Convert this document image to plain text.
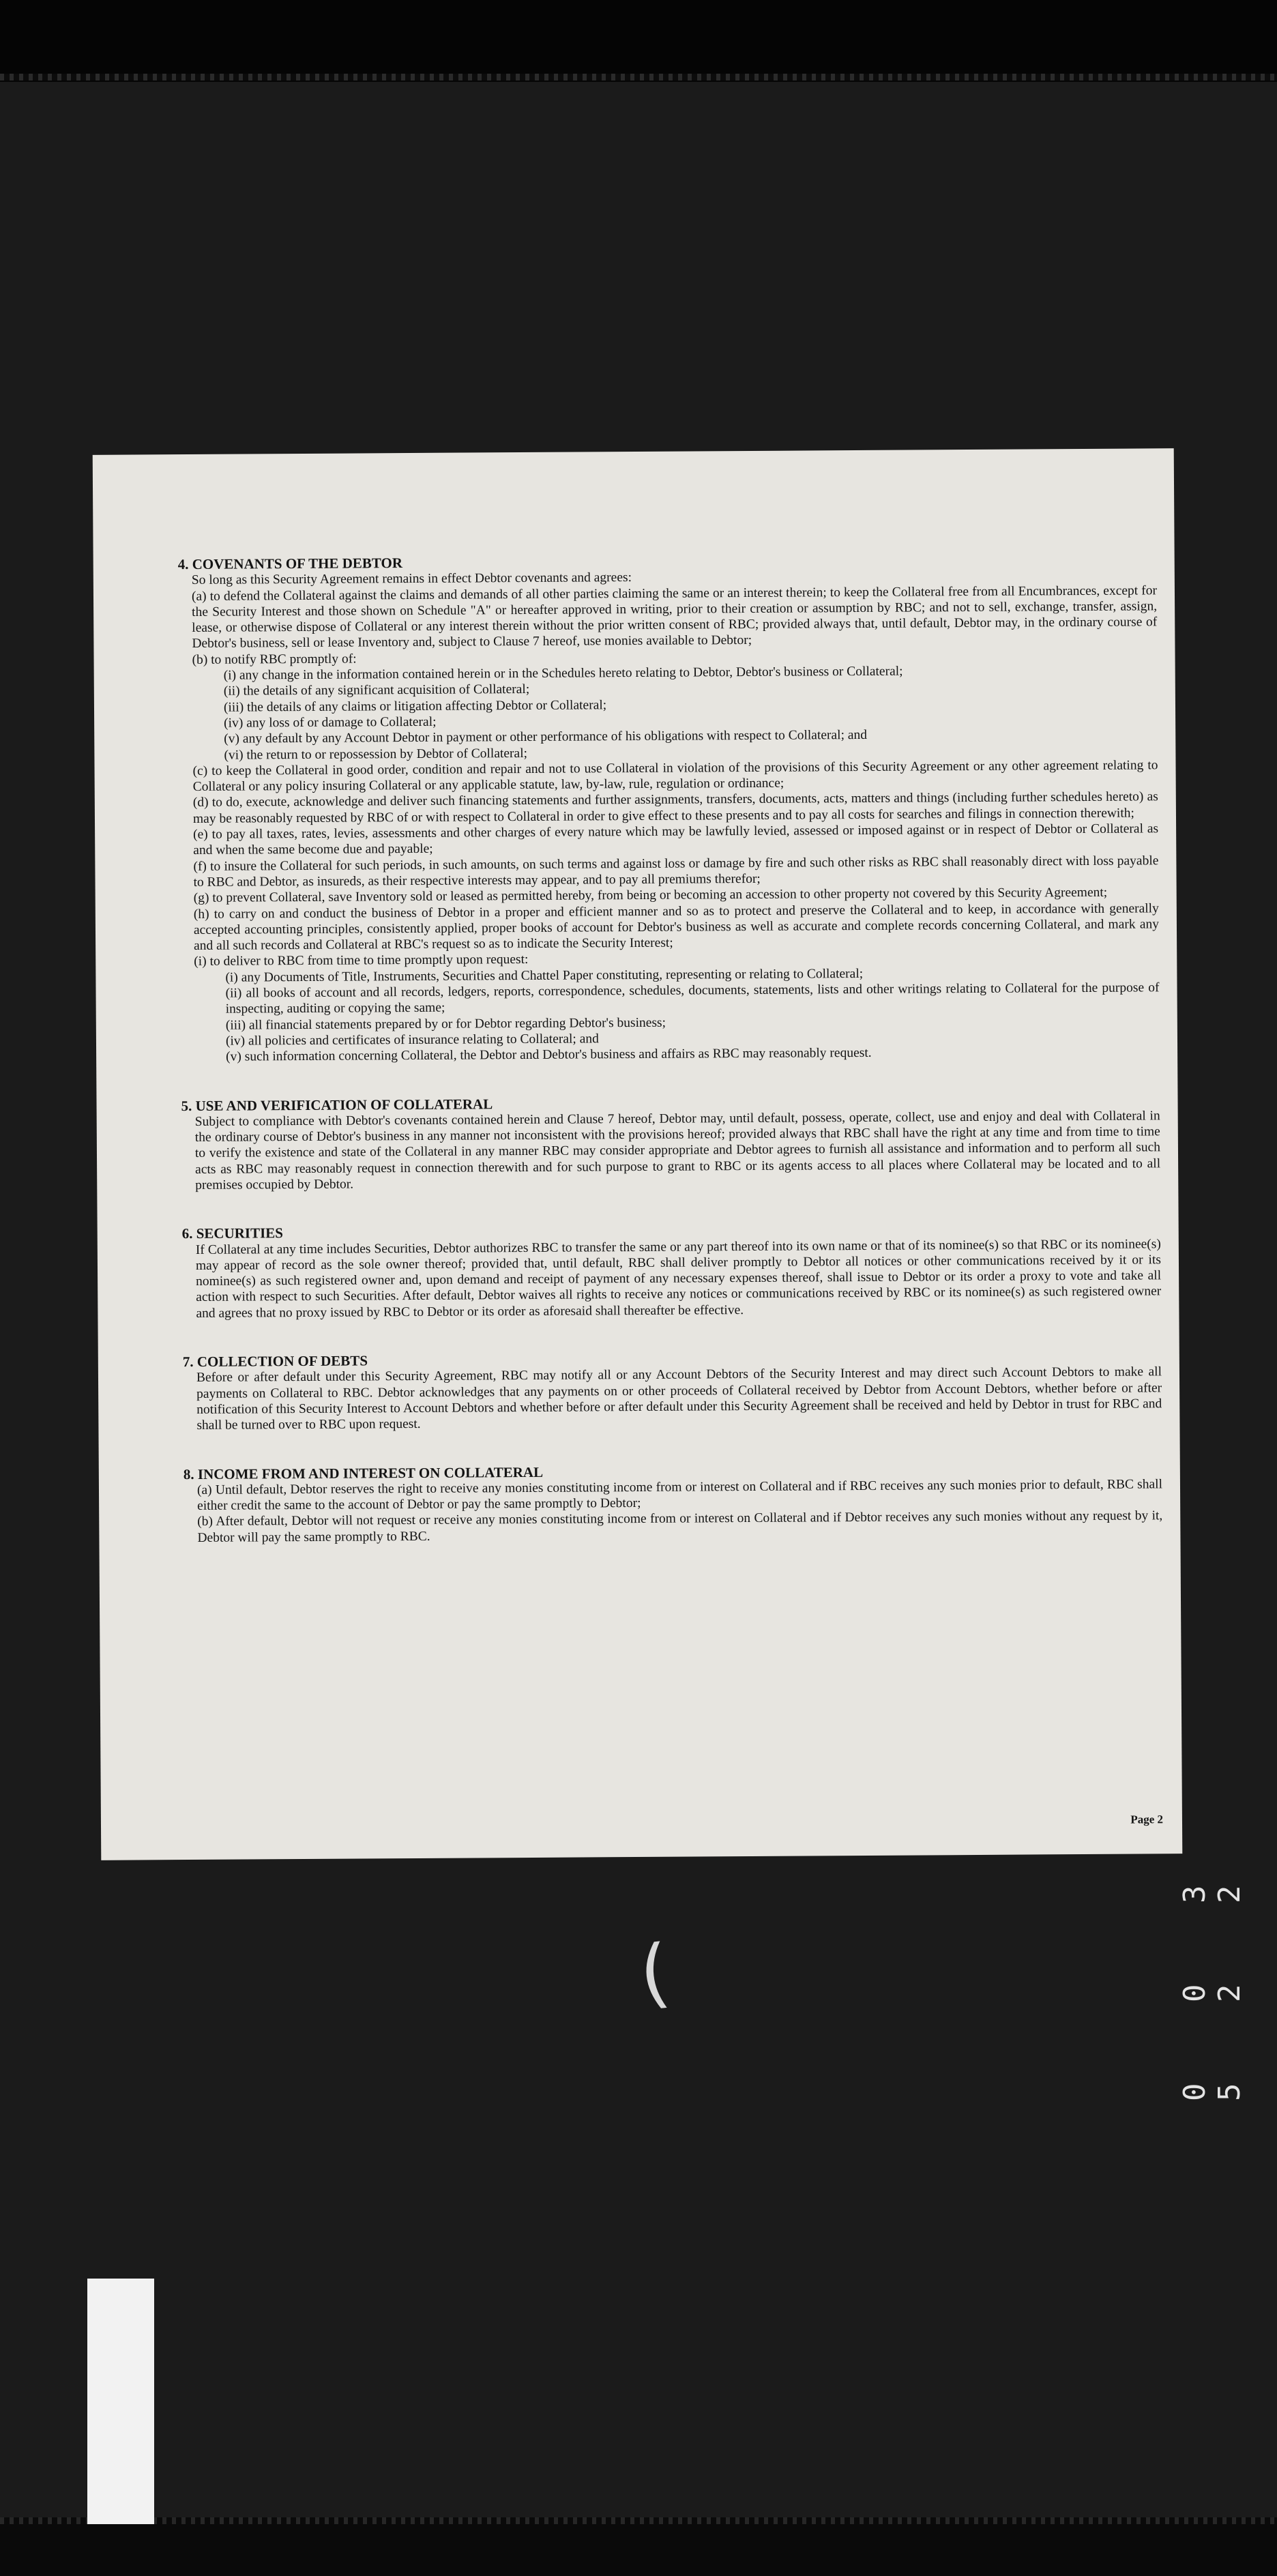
4. COVENANTS OF THE DEBTOR

So long as this Security Agreement remains in effect Debtor covenants and agrees:

(a) to defend the Collateral against the claims and demands of all other parties claiming the same or an interest therein; to keep the Collateral free from all Encumbrances, except for the Security Interest and those shown on Schedule "A" or hereafter approved in writing, prior to their creation or assumption by RBC; and not to sell, exchange, transfer, assign, lease, or otherwise dispose of Collateral or any interest therein without the prior written consent of RBC; provided always that, until default, Debtor may, in the ordinary course of Debtor's business, sell or lease Inventory and, subject to Clause 7 hereof, use monies available to Debtor;

(b) to notify RBC promptly of:

(i) any change in the information contained herein or in the Schedules hereto relating to Debtor, Debtor's business or Collateral;

(ii) the details of any significant acquisition of Collateral;

(iii) the details of any claims or litigation affecting Debtor or Collateral;

(iv) any loss of or damage to Collateral;

(v) any default by any Account Debtor in payment or other performance of his obligations with respect to Collateral; and

(vi) the return to or repossession by Debtor of Collateral;

(c) to keep the Collateral in good order, condition and repair and not to use Collateral in violation of the provisions of this Security Agreement or any other agreement relating to Collateral or any policy insuring Collateral or any applicable statute, law, by-law, rule, regulation or ordinance;

(d) to do, execute, acknowledge and deliver such financing statements and further assignments, transfers, documents, acts, matters and things (including further schedules hereto) as may be reasonably requested by RBC of or with respect to Collateral in order to give effect to these presents and to pay all costs for searches and filings in connection therewith;

(e) to pay all taxes, rates, levies, assessments and other charges of every nature which may be lawfully levied, assessed or imposed against or in respect of Debtor or Collateral as and when the same become due and payable;

(f) to insure the Collateral for such periods, in such amounts, on such terms and against loss or damage by fire and such other risks as RBC shall reasonably direct with loss payable to RBC and Debtor, as insureds, as their respective interests may appear, and to pay all premiums therefor;

(g) to prevent Collateral, save Inventory sold or leased as permitted hereby, from being or becoming an accession to other property not covered by this Security Agreement;

(h) to carry on and conduct the business of Debtor in a proper and efficient manner and so as to protect and preserve the Collateral and to keep, in accordance with generally accepted accounting principles, consistently applied, proper books of account for Debtor's business as well as accurate and complete records concerning Collateral, and mark any and all such records and Collateral at RBC's request so as to indicate the Security Interest;

(i) to deliver to RBC from time to time promptly upon request:

(i) any Documents of Title, Instruments, Securities and Chattel Paper constituting, representing or relating to Collateral;

(ii) all books of account and all records, ledgers, reports, correspondence, schedules, documents, statements, lists and other writings relating to Collateral for the purpose of inspecting, auditing or copying the same;

(iii) all financial statements prepared by or for Debtor regarding Debtor's business;

(iv) all policies and certificates of insurance relating to Collateral; and

(v) such information concerning Collateral, the Debtor and Debtor's business and affairs as RBC may reasonably request.

5. USE AND VERIFICATION OF COLLATERAL

Subject to compliance with Debtor's covenants contained herein and Clause 7 hereof, Debtor may, until default, possess, operate, collect, use and enjoy and deal with Collateral in the ordinary course of Debtor's business in any manner not inconsistent with the provisions hereof; provided always that RBC shall have the right at any time and from time to time to verify the existence and state of the Collateral in any manner RBC may consider appropriate and Debtor agrees to furnish all assistance and information and to perform all such acts as RBC may reasonably request in connection therewith and for such purpose to grant to RBC or its agents access to all places where Collateral may be located and to all premises occupied by Debtor.

6. SECURITIES

If Collateral at any time includes Securities, Debtor authorizes RBC to transfer the same or any part thereof into its own name or that of its nominee(s) so that RBC or its nominee(s) may appear of record as the sole owner thereof; provided that, until default, RBC shall deliver promptly to Debtor all notices or other communications received by it or its nominee(s) as such registered owner and, upon demand and receipt of payment of any necessary expenses thereof, shall issue to Debtor or its order a proxy to vote and take all action with respect to such Securities. After default, Debtor waives all rights to receive any notices or communications received by RBC or its nominee(s) as such registered owner and agrees that no proxy issued by RBC to Debtor or its order as aforesaid shall thereafter be effective.

7. COLLECTION OF DEBTS

Before or after default under this Security Agreement, RBC may notify all or any Account Debtors of the Security Interest and may direct such Account Debtors to make all payments on Collateral to RBC. Debtor acknowledges that any payments on or other proceeds of Collateral received by Debtor from Account Debtors, whether before or after notification of this Security Interest to Account Debtors and whether before or after default under this Security Agreement shall be received and held by Debtor in trust for RBC and shall be turned over to RBC upon request.

8. INCOME FROM AND INTEREST ON COLLATERAL

(a) Until default, Debtor reserves the right to receive any monies constituting income from or interest on Collateral and if RBC receives any such monies prior to default, RBC shall either credit the same to the account of Debtor or pay the same promptly to Debtor;

(b) After default, Debtor will not request or receive any monies constituting income from or interest on Collateral and if Debtor receives any such monies without any request by it, Debtor will pay the same promptly to RBC.

Page 2
(	0 0 3 5 2 2
